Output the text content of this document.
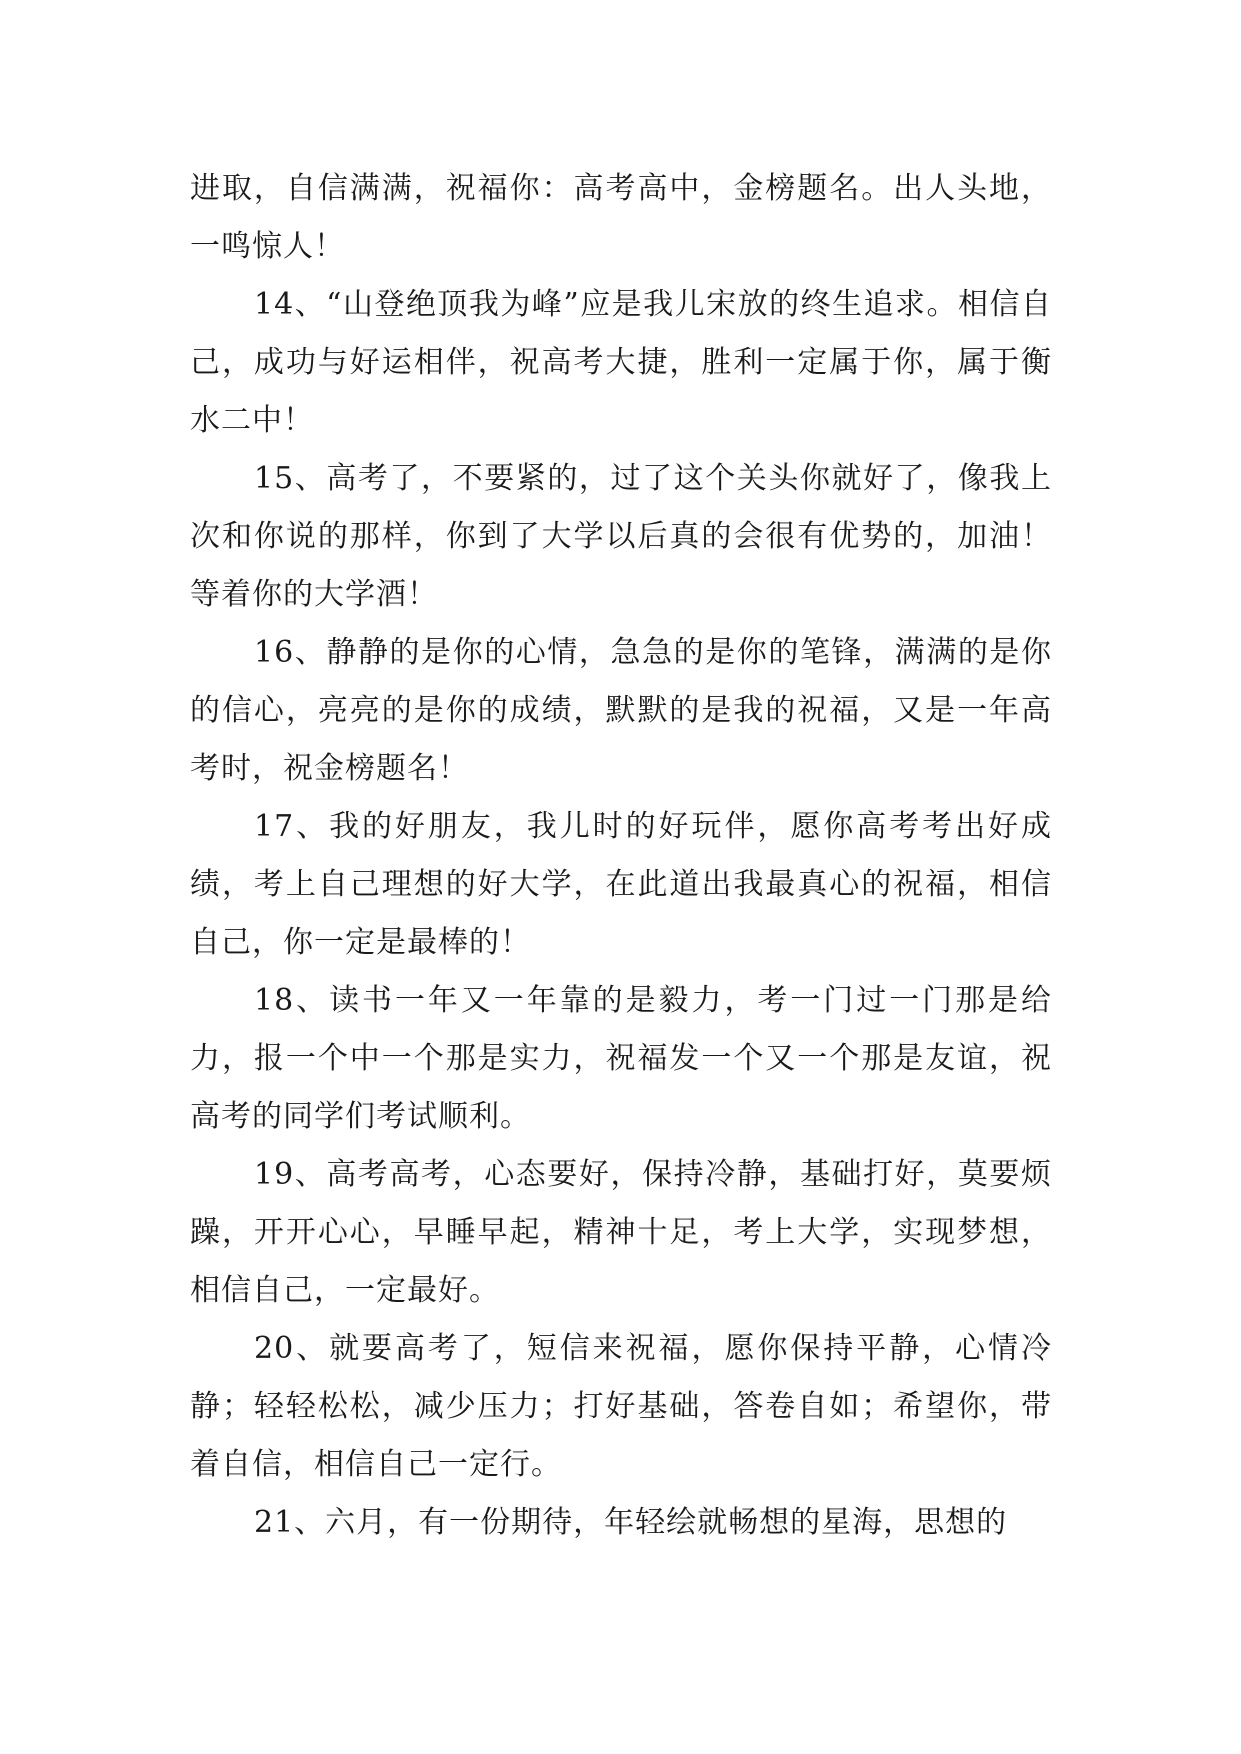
进取，自信满满，祝福你：高考高中，金榜题名。出人头地，一鸣惊人！

14、“山登绝顶我为峰”应是我儿宋放的终生追求。相信自己，成功与好运相伴，祝高考大捷，胜利一定属于你，属于衡水二中！

15、高考了，不要紧的，过了这个关头你就好了，像我上次和你说的那样，你到了大学以后真的会很有优势的，加油！等着你的大学酒！

16、静静的是你的心情，急急的是你的笔锋，满满的是你的信心，亮亮的是你的成绩，默默的是我的祝福，又是一年高考时，祝金榜题名！

17、我的好朋友，我儿时的好玩伴，愿你高考考出好成绩，考上自己理想的好大学，在此道出我最真心的祝福，相信自己，你一定是最棒的！

18、读书一年又一年靠的是毅力，考一门过一门那是给力，报一个中一个那是实力，祝福发一个又一个那是友谊，祝高考的同学们考试顺利。

19、高考高考，心态要好，保持冷静，基础打好，莫要烦躁，开开心心，早睡早起，精神十足，考上大学，实现梦想，相信自己，一定最好。

20、就要高考了，短信来祝福，愿你保持平静，心情冷静；轻轻松松，减少压力；打好基础，答卷自如；希望你，带着自信，相信自己一定行。

21、六月，有一份期待，年轻绘就畅想的星海，思想的
